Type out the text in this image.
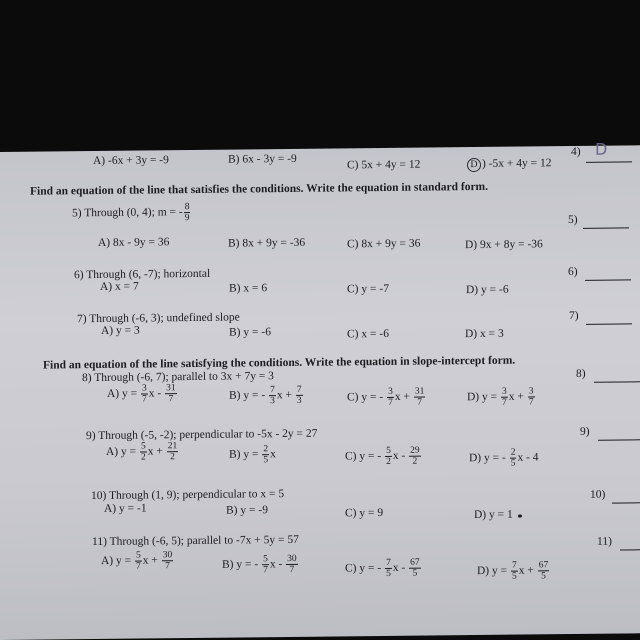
A) -6x + 3y = -9	B) 6x - 3y = -9	C) 5x + 4y = 12	D ) -5x + 4y = 12
4) D
Find an equation of the line that satisfies the conditions. Write the equation in standard form.
5) Through (0, 4); m = - $\frac{8}{9}$	5)
A) 8x - 9y = 36	B) 8x + 9y = -36	C) 8x + 9y = 36	D) 9x + 8y = -36
6) Through (6, -7); horizontal	6)
A) x = 7	B) x = 6	C) y = -7	D) y = -6
7) Through (-6, 3); undefined slope	7)
A) y = 3	B) y = -6	C) x = -6	D) x = 3
Find an equation of the line satisfying the conditions. Write the equation in slope-intercept form.
8) Through (-6, 7); parallel to 3x + 7y = 3	8)
A) $y = \frac{3}{7}$ x - $\frac{31}{7}$	B) y = - $\frac{7}{3}$ $x + \frac{7}{3}$	C) y = - $\frac{3}{7}$ $x + \frac{31}{7}$	D) $y = \frac{3}{7}$ $x + \frac{3}{7}$
9) Through (-5, -2); perpendicular to -5x - 2y = 27	9)
A) $y = \frac{5}{2}$ $x + \frac{21}{2}$	B) $y = \frac{2}{5}$ x	C) y = - $\frac{5}{2}$ x - $\frac{29}{2}$	D) y = - $\frac{2}{5}$ x - 4
10) Through (1, 9); perpendicular to x = 5	10)
A) y = -1	B) y = -9	C) y = 9	D) y = 1
11) Through (-6, 5); parallel to -7x + 5y = 57	11)
A) $y = \frac{5}{7}$ $x + \frac{30}{7}$	B) y = - $\frac{5}{7}$ x - $\frac{30}{7}$	C) y = - $\frac{7}{5}$ x - $\frac{67}{5}$	D) $y = \frac{7}{5}$ $x + \frac{67}{5}$
